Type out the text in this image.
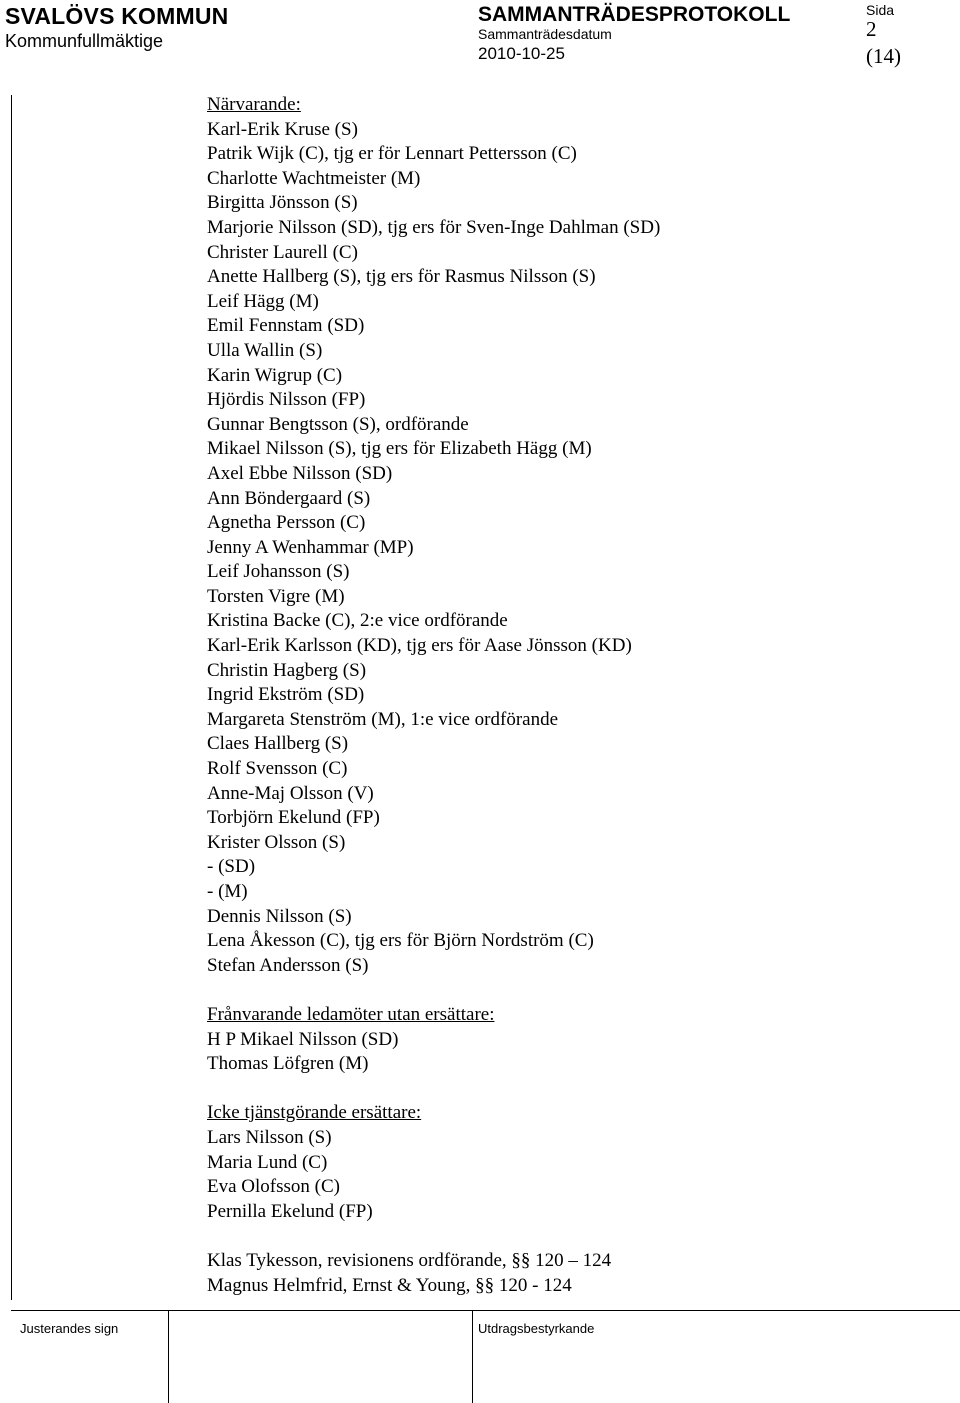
SVALÖVS KOMMUN
Kommunfullmäktige
SAMMANTRÄDESPROTOKOLL
Sammanträdesdatum
2010-10-25
Sida
2
(14)
Närvarande:
Karl-Erik Kruse (S)
Patrik Wijk (C), tjg er för Lennart Pettersson (C)
Charlotte Wachtmeister (M)
Birgitta Jönsson (S)
Marjorie Nilsson (SD), tjg ers för Sven-Inge Dahlman (SD)
Christer Laurell (C)
Anette Hallberg (S), tjg ers för Rasmus Nilsson (S)
Leif Hägg (M)
Emil Fennstam (SD)
Ulla Wallin (S)
Karin Wigrup (C)
Hjördis Nilsson (FP)
Gunnar Bengtsson (S), ordförande
Mikael Nilsson (S), tjg ers för Elizabeth Hägg (M)
Axel Ebbe Nilsson (SD)
Ann Böndergaard (S)
Agnetha Persson (C)
Jenny A Wenhammar (MP)
Leif Johansson (S)
Torsten Vigre (M)
Kristina Backe (C), 2:e vice ordförande
Karl-Erik Karlsson (KD), tjg ers för Aase Jönsson (KD)
Christin Hagberg (S)
Ingrid Ekström (SD)
Margareta Stenström (M), 1:e vice ordförande
Claes Hallberg (S)
Rolf Svensson (C)
Anne-Maj Olsson (V)
Torbjörn Ekelund (FP)
Krister Olsson (S)
- (SD)
- (M)
Dennis Nilsson (S)
Lena Åkesson (C), tjg ers för Björn Nordström (C)
Stefan Andersson (S)
Frånvarande ledamöter utan ersättare:
H P Mikael Nilsson (SD)
Thomas Löfgren (M)
Icke tjänstgörande ersättare:
Lars Nilsson (S)
Maria Lund (C)
Eva Olofsson (C)
Pernilla Ekelund (FP)
Klas Tykesson, revisionens ordförande, §§ 120 – 124
Magnus Helmfrid, Ernst & Young, §§ 120 - 124
Justerandes sign	Utdragsbestyrkande
